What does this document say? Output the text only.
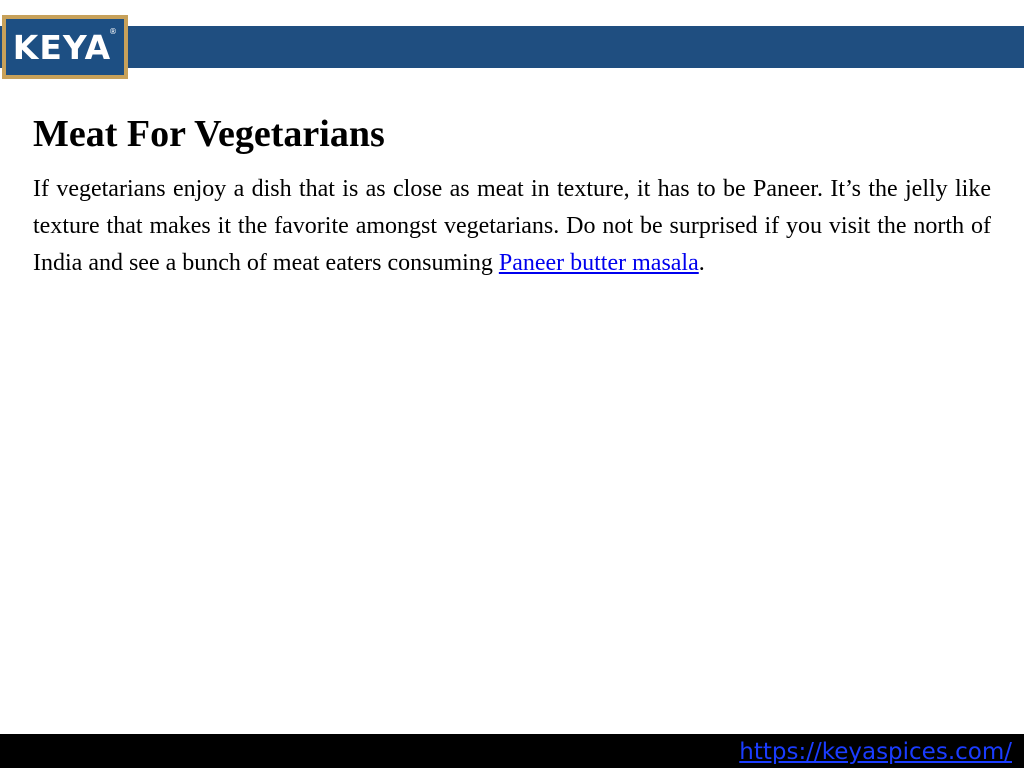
KEYA
®
Meat For Vegetarians

If vegetarians enjoy a dish that is as close as meat in texture, it has to be Paneer. It’s the jelly like texture that makes it the favorite amongst vegetarians. Do not be surprised if you visit the north of India and see a bunch of meat eaters consuming Paneer butter masala.

https://keyaspices.com/
